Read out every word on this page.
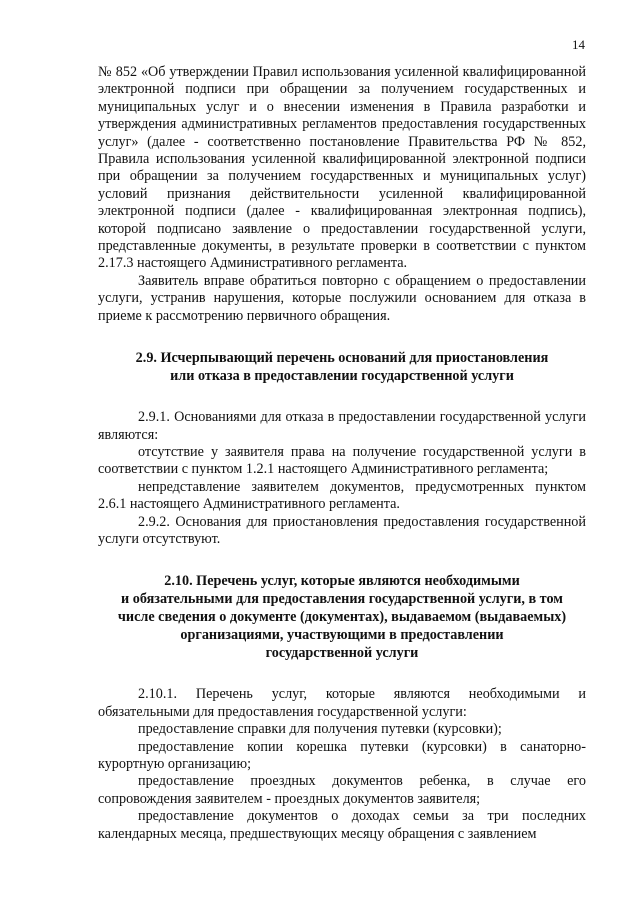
14

№ 852 «Об утверждении Правил использования усиленной квалифицированной электронной подписи при обращении за получением государственных и муниципальных услуг и о внесении изменения в Правила разработки и утверждения административных регламентов предоставления государственных услуг» (далее - соответственно постановление Правительства РФ № 852, Правила использования усиленной квалифицированной электронной подписи при обращении за получением государственных и муниципальных услуг) условий признания действительности усиленной квалифицированной электронной подписи (далее - квалифицированная электронная подпись), которой подписано заявление о предоставлении государственной услуги, представленные документы, в результате проверки в соответствии с пунктом 2.17.3 настоящего Административного регламента.

Заявитель вправе обратиться повторно с обращением о предоставлении услуги, устранив нарушения, которые послужили основанием для отказа в приеме к рассмотрению первичного обращения.

2.9. Исчерпывающий перечень оснований для приостановления

или отказа в предоставлении государственной услуги

2.9.1. Основаниями для отказа в предоставлении государственной услуги являются:

отсутствие у заявителя права на получение государственной услуги в соответствии с пунктом 1.2.1 настоящего Административного регламента;

непредставление заявителем документов, предусмотренных пунктом 2.6.1 настоящего Административного регламента.

2.9.2. Основания для приостановления предоставления государственной услуги отсутствуют.

2.10. Перечень услуг, которые являются необходимыми

и обязательными для предоставления государственной услуги, в том

числе сведения о документе (документах), выдаваемом (выдаваемых)

организациями, участвующими в предоставлении

государственной услуги

2.10.1. Перечень услуг, которые являются необходимыми и обязательными для предоставления государственной услуги:

предоставление справки для получения путевки (курсовки);

предоставление копии корешка путевки (курсовки) в санаторно-курортную организацию;

предоставление проездных документов ребенка, в случае его сопровождения заявителем - проездных документов заявителя;

предоставление документов о доходах семьи за три последних календарных месяца, предшествующих месяцу обращения с заявлением
